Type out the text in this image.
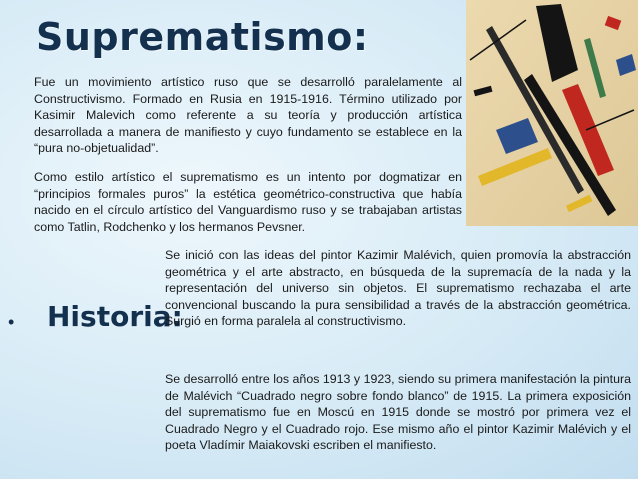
Suprematismo:

Fue un movimiento artístico ruso que se desarrolló paralelamente al Constructivismo. Formado en Rusia en 1915-1916. Término utilizado por Kasimir Malevich como referente a su teoría y producción artística desarrollada a manera de manifiesto y cuyo fundamento se establece en la “pura no-objetualidad”.

Como estilo artístico el suprematismo es un intento por dogmatizar en “principios formales puros” la estética geométrico-constructiva que había nacido en el círculo artístico del Vanguardismo ruso y se trabajaban artistas como Tatlin, Rodchenko y los hermanos Pevsner.

• Historia:

Se inició con las ideas del pintor Kazimir Malévich, quien promovía la abstracción geométrica y el arte abstracto, en búsqueda de la supremacía de la nada y la representación del universo sin objetos. El suprematismo rechazaba el arte convencional buscando la pura sensibilidad a través de la abstracción geométrica. Surgió en forma paralela al constructivismo.

Se desarrolló entre los años 1913 y 1923, siendo su primera manifestación la pintura de Malévich “Cuadrado negro sobre fondo blanco” de 1915. La primera exposición del suprematismo fue en Moscú en 1915 donde se mostró por primera vez el Cuadrado Negro y el Cuadrado rojo. Ese mismo año el pintor Kazimir Malévich y el poeta Vladímir Maiakovski escriben el manifiesto.
